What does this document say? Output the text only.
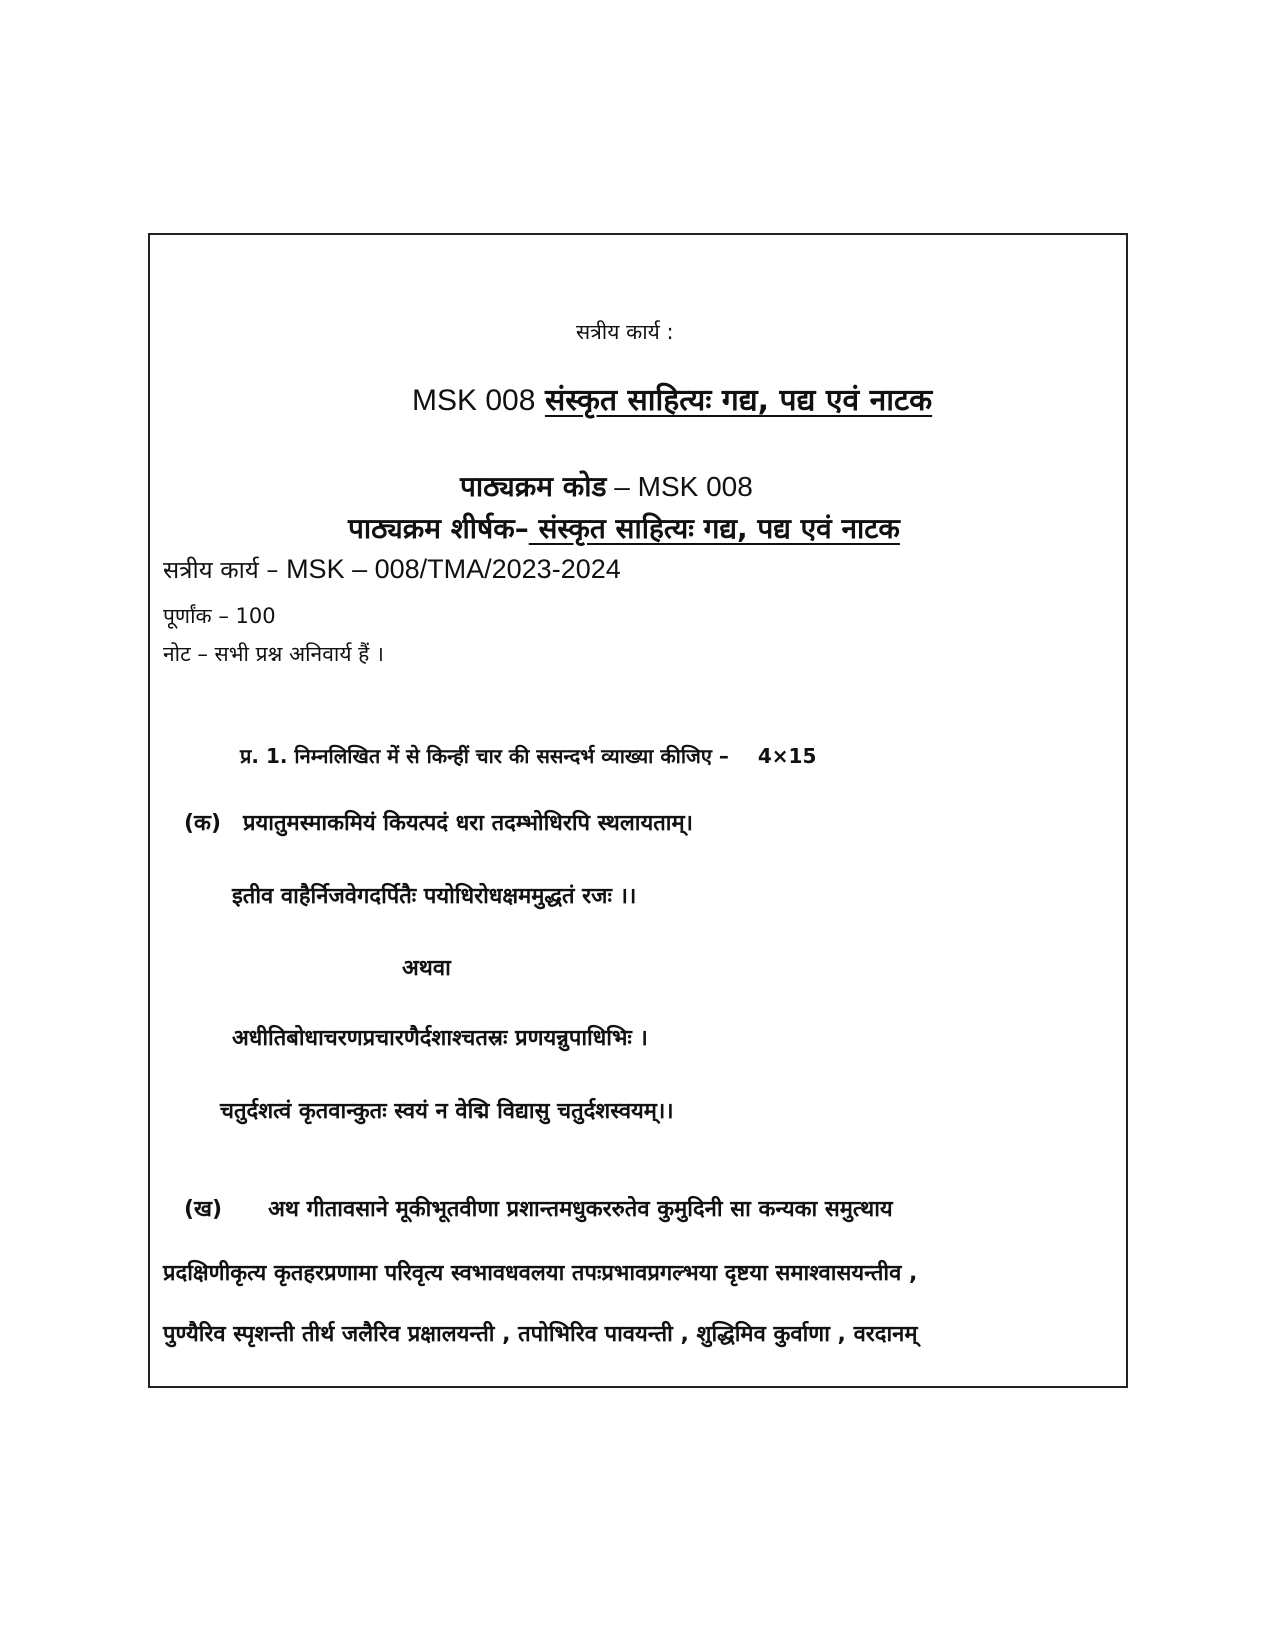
सत्रीय कार्य :
MSK 008 संस्कृत साहित्यः गद्य, पद्य एवं नाटक
पाठ्यक्रम कोड – MSK 008
पाठ्यक्रम शीर्षक– संस्कृत साहित्यः गद्य, पद्य एवं नाटक
सत्रीय कार्य – MSK – 008/TMA/2023-2024
पूर्णांक – 100
नोट – सभी प्रश्न अनिवार्य हैं ।
प्र. 1. निम्नलिखित में से किन्हीं चार की ससन्दर्भ व्याख्या कीजिए – 4×15
(क) प्रयातुमस्माकमियं कियत्पदं धरा तदम्भोधिरपि स्थलायताम्।
इतीव वाहैर्निजवेगदर्पितैः पयोधिरोधक्षममुद्धतं रजः ।।
अथवा
अधीतिबोधाचरणप्रचारणैर्दशाश्चतस्रः प्रणयन्नुपाधिभिः ।
चतुर्दशत्वं कृतवान्कुतः स्वयं न वेद्मि विद्यासु चतुर्दशस्वयम्।।
(ख) अथ गीतावसाने मूकीभूतवीणा प्रशान्तमधुकररुतेव कुमुदिनी सा कन्यका समुत्थाय
प्रदक्षिणीकृत्य कृतहरप्रणामा परिवृत्य स्वभावधवलया तपःप्रभावप्रगल्भया दृष्टया समाश्वासयन्तीव ,
पुण्यैरिव स्पृशन्ती तीर्थ जलैरिव प्रक्षालयन्ती , तपोभिरिव पावयन्ती , शुद्धिमिव कुर्वाणा , वरदानम्
